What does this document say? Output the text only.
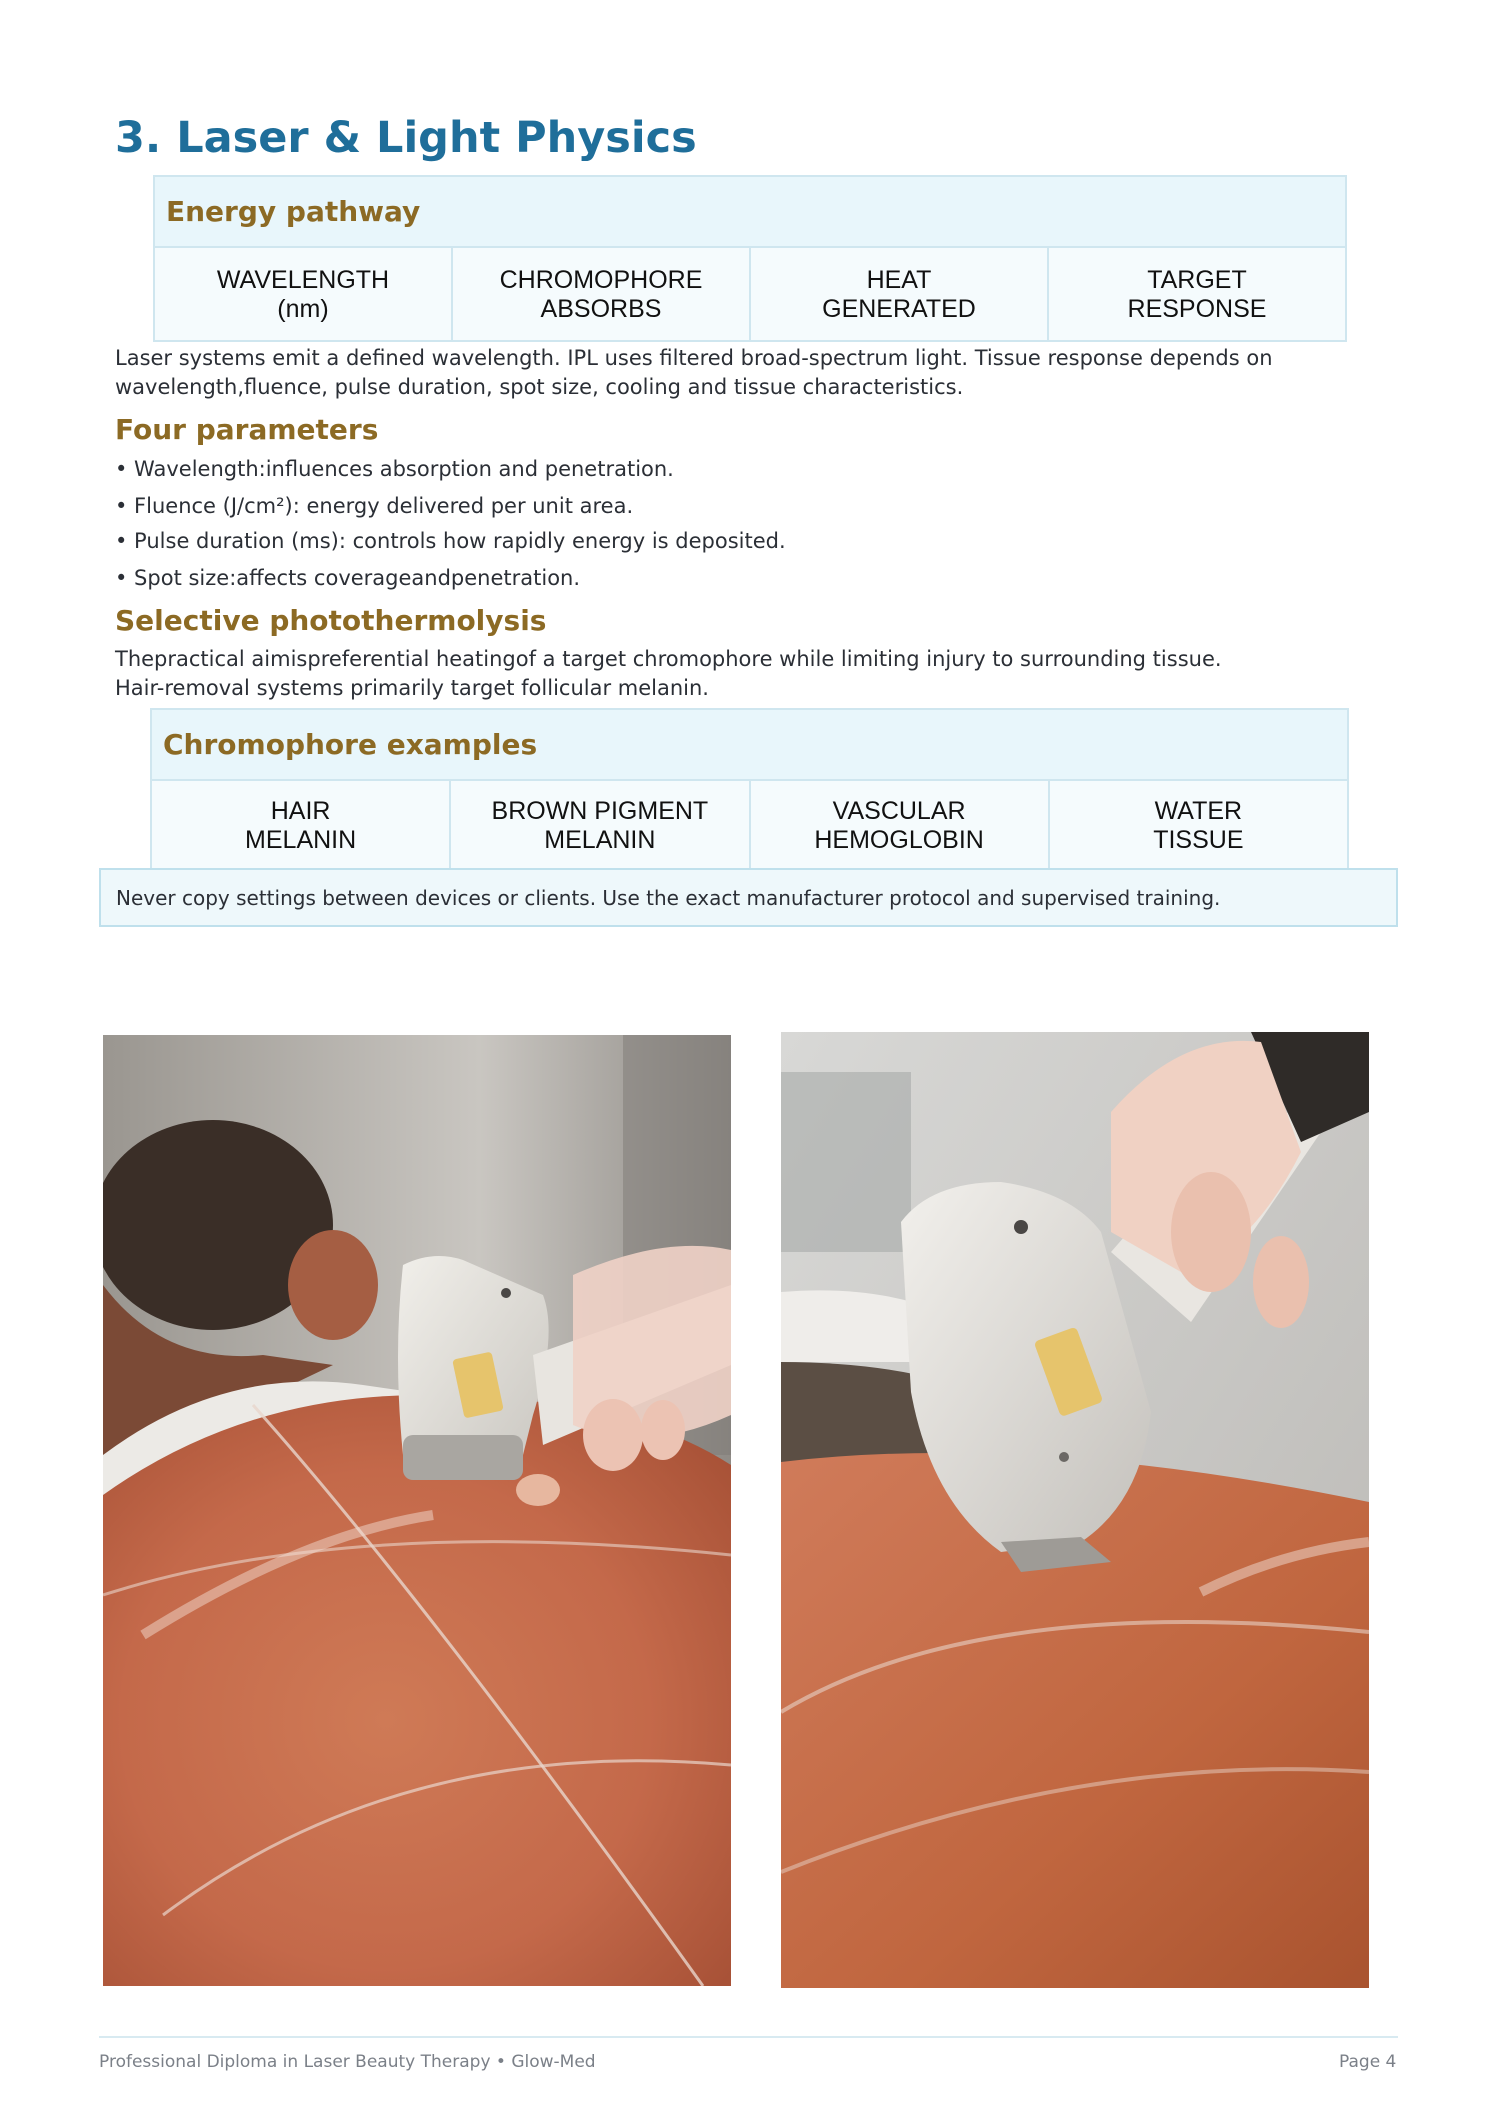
3. Laser & Light Physics
Energy pathway
WAVELENGTH
(nm)
CHROMOPHORE
ABSORBS
HEAT
GENERATED
TARGET
RESPONSE

Laser systems emit a defined wavelength. IPL uses filtered broad-spectrum light. Tissue response depends on

wavelength,fluence, pulse duration, spot size, cooling and tissue characteristics.

Four parameters

• Wavelength:influences absorption and penetration.

• Fluence (J/cm²): energy delivered per unit area.

• Pulse duration (ms): controls how rapidly energy is deposited.

• Spot size:affects coverageandpenetration.

Selective photothermolysis

Thepractical aimispreferential heatingof a target chromophore while limiting injury to surrounding tissue.

Hair-removal systems primarily target follicular melanin.

Chromophore examples
HAIR
MELANIN
BROWN PIGMENT
MELANIN
VASCULAR
HEMOGLOBIN
WATER
TISSUE
Never copy settings between devices or clients. Use the exact manufacturer protocol and supervised training.
Professional Diploma in Laser Beauty Therapy • Glow-Med	Page 4
